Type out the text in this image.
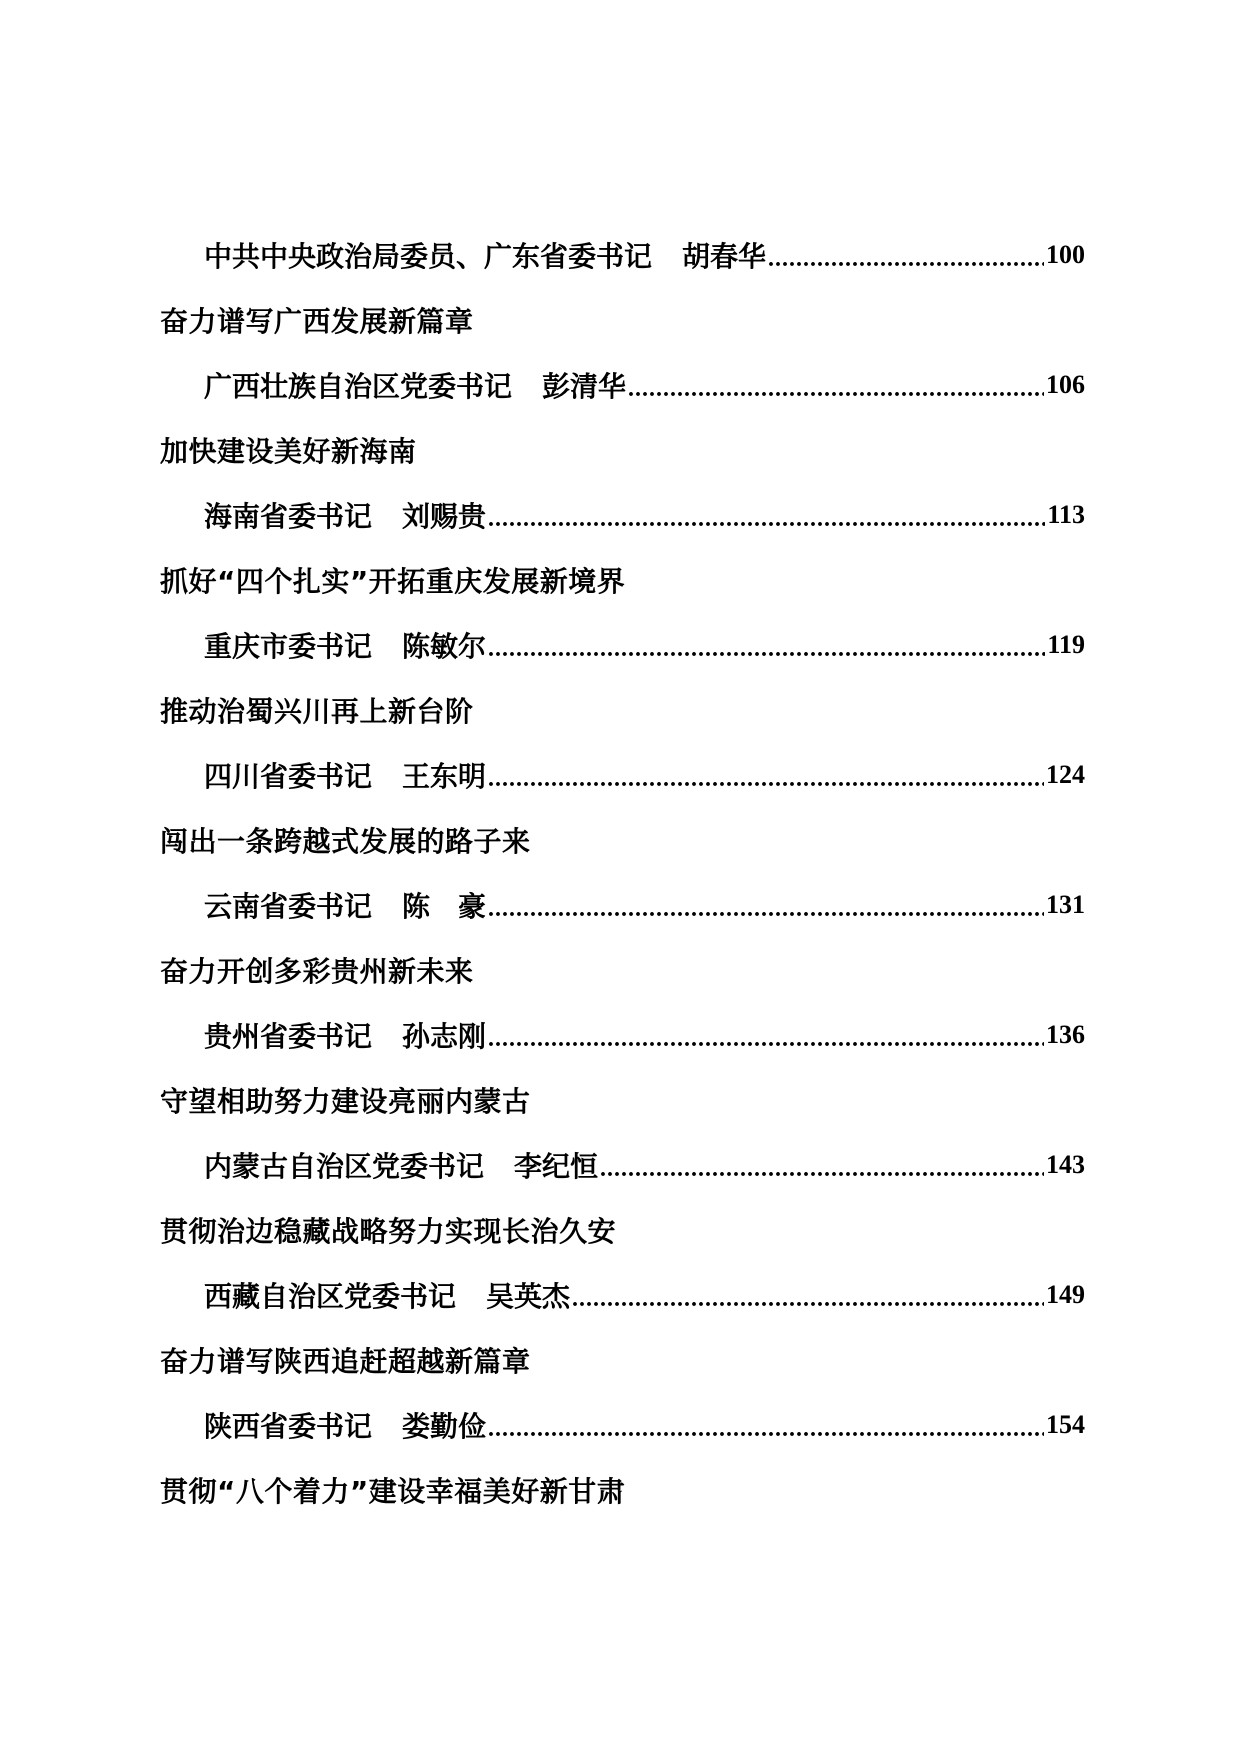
中共中央政治局委员、广东省委书记 胡春华 .....	100
奋力谱写广西发展新篇章
广西壮族自治区党委书记 彭清华 .....	106
加快建设美好新海南
海南省委书记 刘赐贵 .....	113
抓好“四个扎实”开拓重庆发展新境界
重庆市委书记 陈敏尔 .....	119
推动治蜀兴川再上新台阶
四川省委书记 王东明 .....	124
闯出一条跨越式发展的路子来
云南省委书记 陈　豪 .....	131
奋力开创多彩贵州新未来
贵州省委书记 孙志刚 .....	136
守望相助努力建设亮丽内蒙古
内蒙古自治区党委书记 李纪恒 .....	143
贯彻治边稳藏战略努力实现长治久安
西藏自治区党委书记 吴英杰 .....	149
奋力谱写陕西追赶超越新篇章
陕西省委书记 娄勤俭 .....	154
贯彻“八个着力”建设幸福美好新甘肃
